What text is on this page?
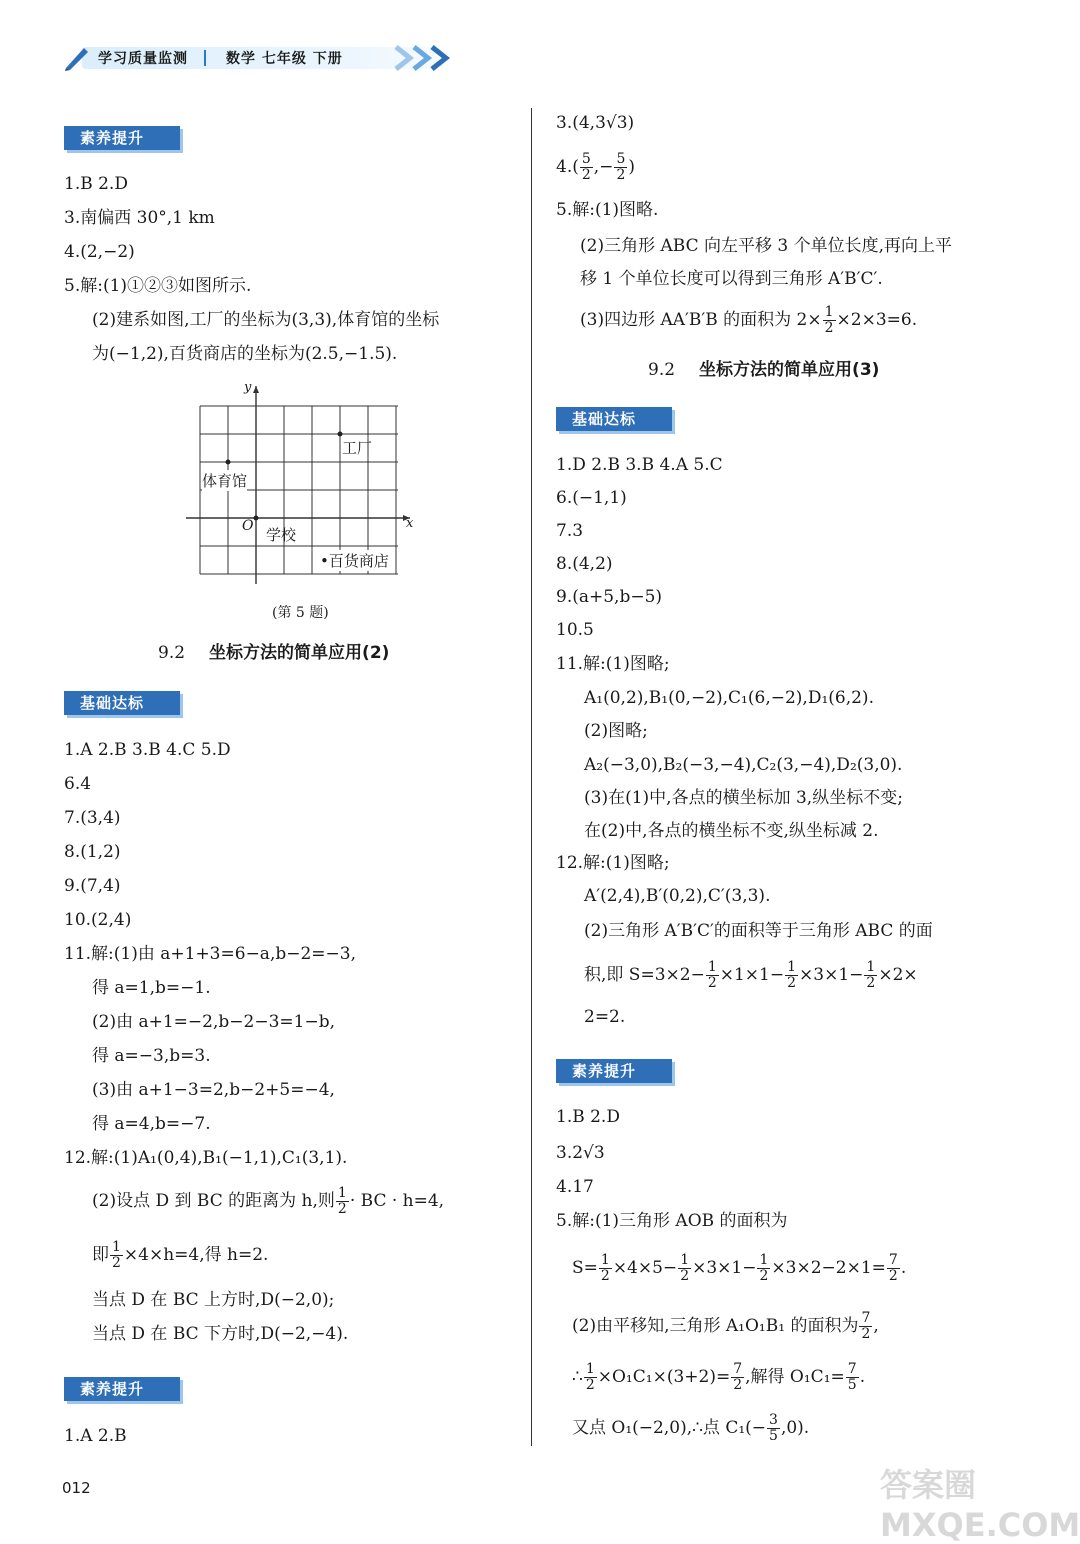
学习质量监测	数学 七年级 下册
素养提升
1.B 2.D
3.南偏西 30°,1 km
4.(2,−2)
5.解:(1)①②③如图所示.
(2)建系如图,工厂的坐标为(3,3),体育馆的坐标
为(−1,2),百货商店的坐标为(2.5,−1.5).
y
x
O
工厂
体育馆
学校
•百货商店
(第 5 题)
9.2 坐标方法的简单应用(2)
基础达标
1.A 2.B 3.B 4.C 5.D
6.4
7.(3,4)
8.(1,2)
9.(7,4)
10.(2,4)
11.解:(1)由 a+1+3=6−a,b−2=−3,
得 a=1,b=−1.
(2)由 a+1=−2,b−2−3=1−b,
得 a=−3,b=3.
(3)由 a+1−3=2,b−2+5=−4,
得 a=4,b=−7.
12.解:(1)A₁(0,4),B₁(−1,1),C₁(3,1).
(2)设点 D 到 BC 的距离为 h,则 $\frac{1}{2}$ · BC · h=4,
即 $\frac{1}{2} \times 4\times h=4$,得 h=2.
当点 D 在 BC 上方时,D(−2,0);
当点 D 在 BC 下方时,D(−2,−4).
素养提升
1.A 2.B
3.(4,3√3)
$4.( \frac{5}{2}$ ,− $\frac{5}{2}$ )
5.解:(1)图略.
(2)三角形 ABC 向左平移 3 个单位长度,再向上平
移 1 个单位长度可以得到三角形 A′B′C′.
(3)四边形 AA′B′B 的面积为 $2\times \frac{1}{2} \times 2\times 3=6$.
9.2 坐标方法的简单应用(3)
基础达标
1.D 2.B 3.B 4.A 5.C
6.(−1,1)
7.3
8.(4,2)
9.(a+5,b−5)
10.5
11.解:(1)图略;
A₁(0,2),B₁(0,−2),C₁(6,−2),D₁(6,2).
(2)图略;
A₂(−3,0),B₂(−3,−4),C₂(3,−4),D₂(3,0).
(3)在(1)中,各点的横坐标加 3,纵坐标不变;
在(2)中,各点的横坐标不变,纵坐标减 2.
12.解:(1)图略;
A′(2,4),B′(0,2),C′(3,3).
(2)三角形 A′B′C′的面积等于三角形 ABC 的面
积,即 $S=3\times 2- \frac{1}{2} \times 1\times 1- \frac{1}{2} \times 3\times 1- \frac{1}{2} \times 2\times$
2=2.
素养提升
1.B 2.D
3.2√3
4.17
5.解:(1)三角形 AOB 的面积为
$S= \frac{1}{2} \times 4\times 5- \frac{1}{2} \times 3\times 1- \frac{1}{2} \times 3\times 2-2\times 1= \frac{7}{2}$ .
(2)由平移知,三角形 A₁O₁B₁ 的面积为 $\frac{7}{2}$ ,
∴ $\frac{1}{2} \times O_1C_1\times(3+2)= \frac{7}{2}$ ,解得 $O_1C_1= \frac{7}{5}$ .
又点 O₁(−2,0),∴点 $C_1(- \frac{3}{5} ,0)$.
012	答案圈 MXQE.COM
